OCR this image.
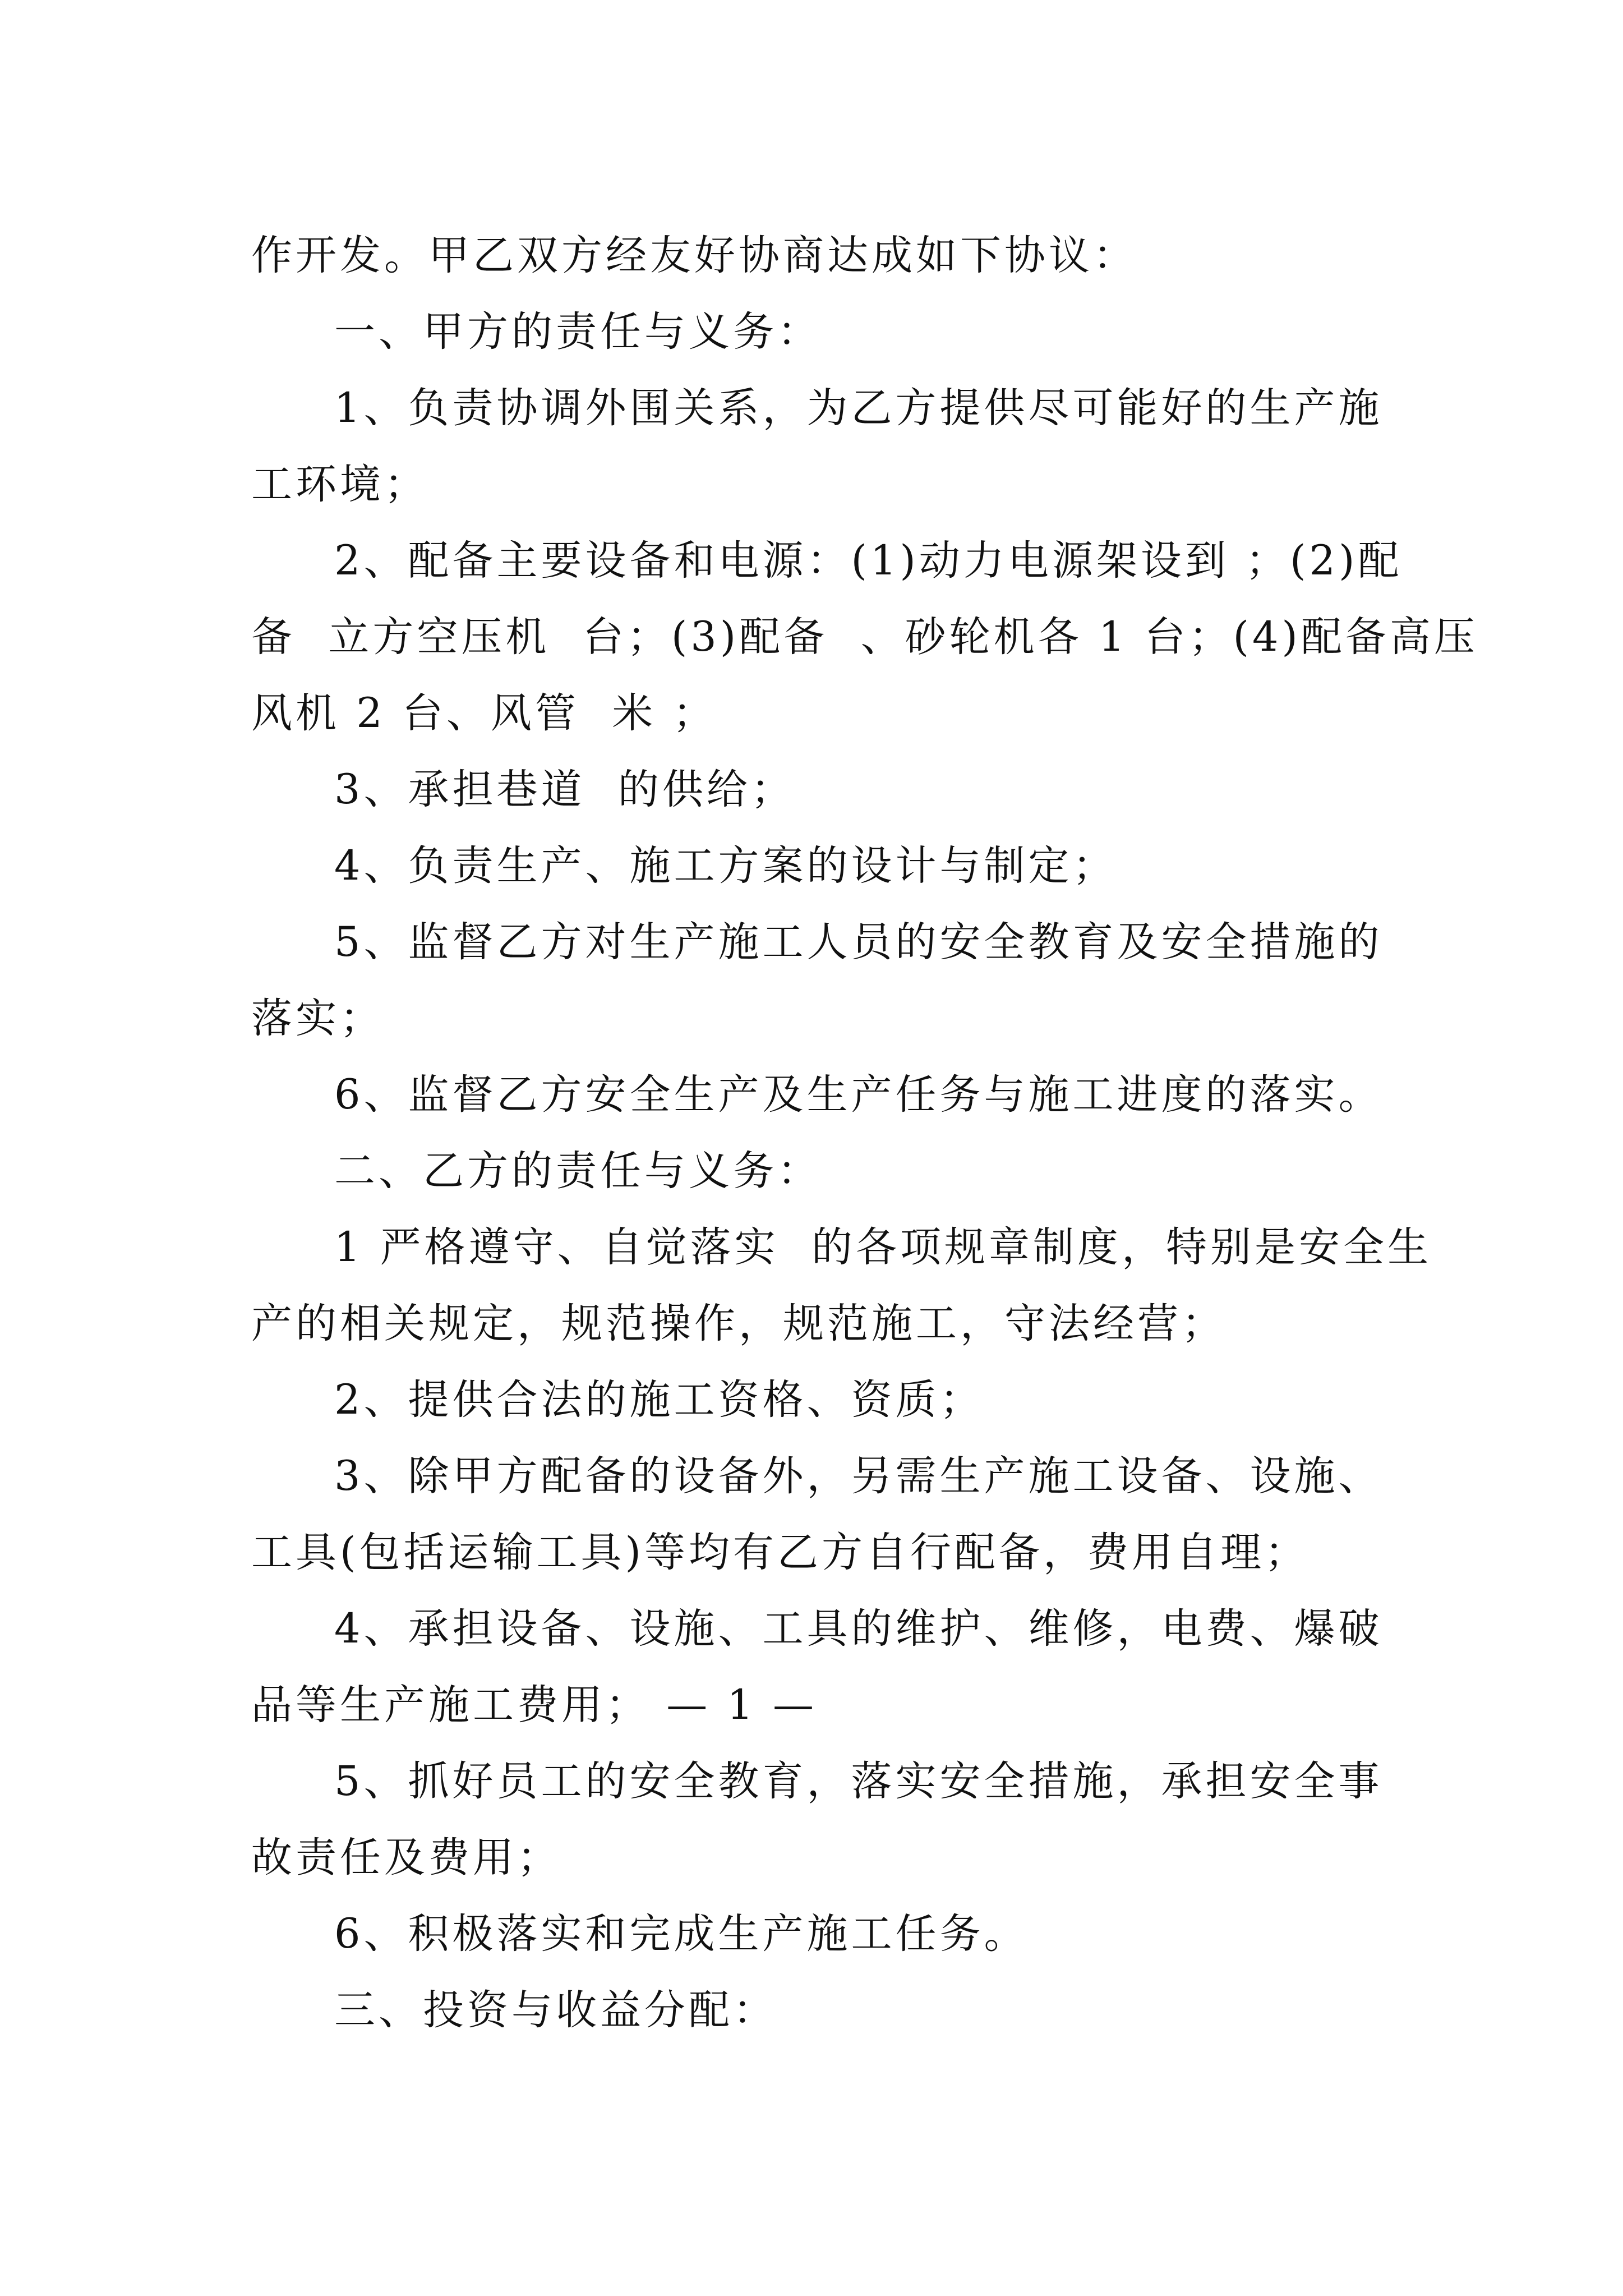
作开发。甲乙双方经友好协商达成如下协议：
一、甲方的责任与义务：
1、负责协调外围关系，为乙方提供尽可能好的生产施
工环境；
2、配备主要设备和电源：(1)动力电源架设到 ；(2)配
备  立方空压机  台；(3)配备  、砂轮机各 1 台；(4)配备高压
风机 2 台、风管  米 ；
3、承担巷道  的供给；
4、负责生产、施工方案的设计与制定；
5、监督乙方对生产施工人员的安全教育及安全措施的
落实；
6、监督乙方安全生产及生产任务与施工进度的落实。
二、乙方的责任与义务：
1 严格遵守、自觉落实  的各项规章制度，特别是安全生
产的相关规定，规范操作，规范施工，守法经营；
2、提供合法的施工资格、资质；
3、除甲方配备的设备外，另需生产施工设备、设施、
工具(包括运输工具)等均有乙方自行配备，费用自理；
4、承担设备、设施、工具的维护、维修，电费、爆破
品等生产施工费用； — 1 —
5、抓好员工的安全教育，落实安全措施，承担安全事
故责任及费用；
6、积极落实和完成生产施工任务。
三、投资与收益分配：
